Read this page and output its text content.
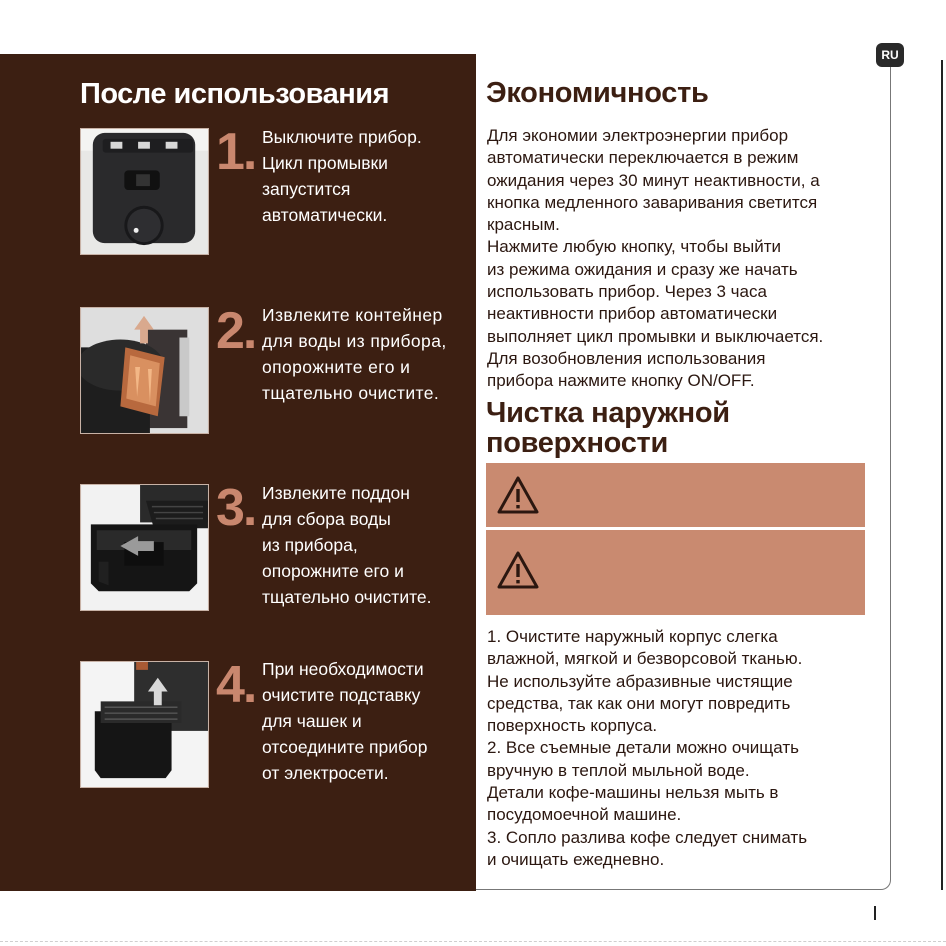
RU
После использования
1. Выключите прибор.
Цикл промывки
запустится
автоматически.

2. Извлеките контейнер
для воды из прибора,
опорожните его и
тщательно очистите.

3. Извлеките поддон
для сбора воды
из прибора,
опорожните его и
тщательно очистите.

4. При необходимости
очистите подставку
для чашек и
отсоедините прибор
от электросети.

Экономичность

Для экономии электроэнергии прибор
автоматически переключается в режим
ожидания через 30 минут неактивности, а
кнопка медленного заваривания светится
красным.
Нажмите любую кнопку, чтобы выйти
из режима ожидания и сразу же начать
использовать прибор. Через 3 часа
неактивности прибор автоматически
выполняет цикл промывки и выключается.
Для возобновления использования
прибора нажмите кнопку ON/OFF.

Чистка наружной
поверхности

1. Очистите наружный корпус слегка
влажной, мягкой и безворсовой тканью.
Не используйте абразивные чистящие
средства, так как они могут повредить
поверхность корпуса.
2. Все съемные детали можно очищать
вручную в теплой мыльной воде.
Детали кофе-машины нельзя мыть в
посудомоечной машине.
3. Сопло разлива кофе следует снимать
и очищать ежедневно.
